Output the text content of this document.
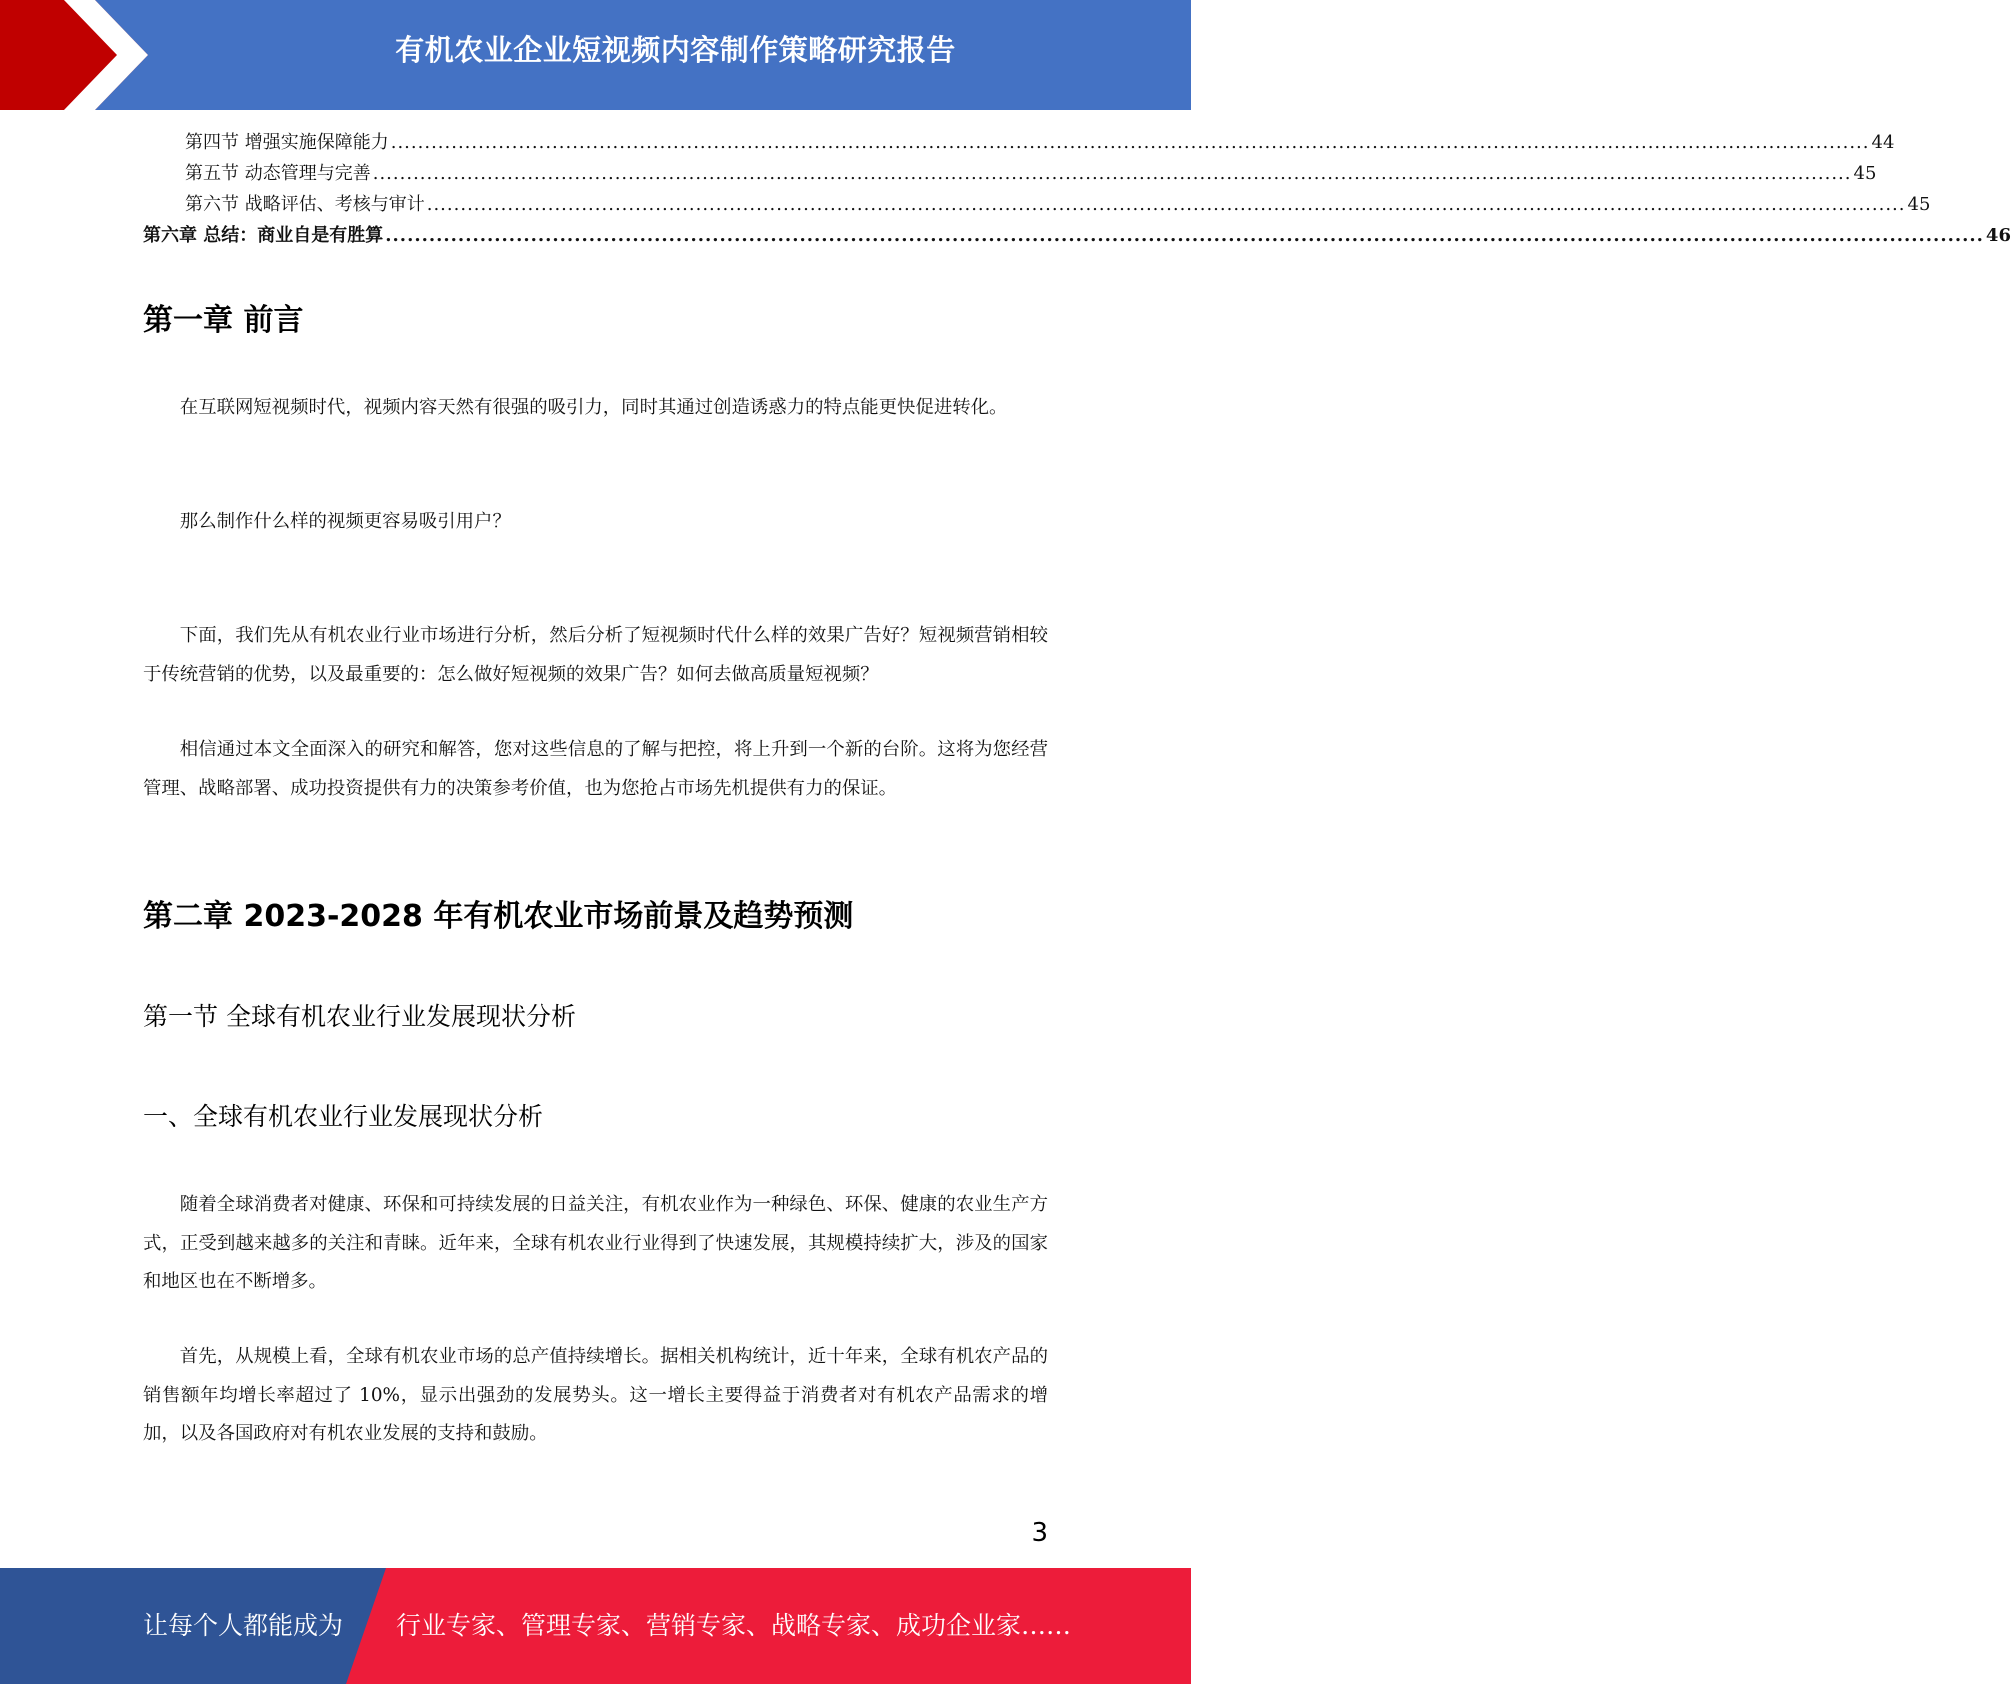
有机农业企业短视频内容制作策略研究报告
第四节 增强实施保障能力 ............................................................................................................................................................................................................................ 44
第五节 动态管理与完善 ............................................................................................................................................................................................................................ 45
第六节 战略评估、考核与审计 ............................................................................................................................................................................................................................ 45
第六章 总结：商业自是有胜算 ............................................................................................................................................................................................................................ 46
第一章 前言

在互联网短视频时代，视频内容天然有很强的吸引力，同时其通过创造诱惑力的特点能更快促进转化。

那么制作什么样的视频更容易吸引用户？

下面，我们先从有机农业行业市场进行分析，然后分析了短视频时代什么样的效果广告好？短视频营销相较于传统营销的优势，以及最重要的：怎么做好短视频的效果广告？如何去做高质量短视频？

相信通过本文全面深入的研究和解答，您对这些信息的了解与把控，将上升到一个新的台阶。这将为您经营管理、战略部署、成功投资提供有力的决策参考价值，也为您抢占市场先机提供有力的保证。

第二章 2023-2028 年有机农业市场前景及趋势预测
第一节 全球有机农业行业发展现状分析
一、全球有机农业行业发展现状分析

随着全球消费者对健康、环保和可持续发展的日益关注，有机农业作为一种绿色、环保、健康的农业生产方式，正受到越来越多的关注和青睐。近年来，全球有机农业行业得到了快速发展，其规模持续扩大，涉及的国家和地区也在不断增多。

首先，从规模上看，全球有机农业市场的总产值持续增长。据相关机构统计，近十年来，全球有机农产品的销售额年均增长率超过了 10%，显示出强劲的发展势头。这一增长主要得益于消费者对有机农产品需求的增加，以及各国政府对有机农业发展的支持和鼓励。

3
让每个人都能成为 行业专家、管理专家、营销专家、战略专家、成功企业家……
